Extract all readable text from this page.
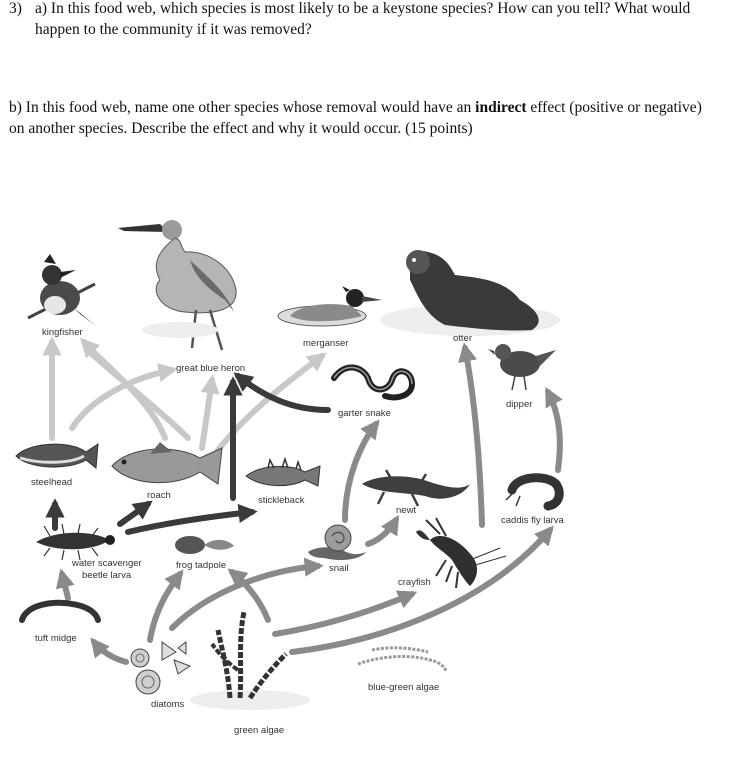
3) a) In this food web, which species is most likely to be a keystone species? How can you tell? What would
happen to the community if it was removed?
b) In this food web, name one other species whose removal would have an indirect effect (positive or negative)
on another species. Describe the effect and why it would occur. (15 points)
kingfisher
great blue heron
merganser	otter
dipper
garter snake
steelhead
roach	stickleback
newt
caddis fly larva
water scavenger
beetle larva
frog tadpole	snail
crayfish
tuft midge
diatoms
green algae
blue-green algae
